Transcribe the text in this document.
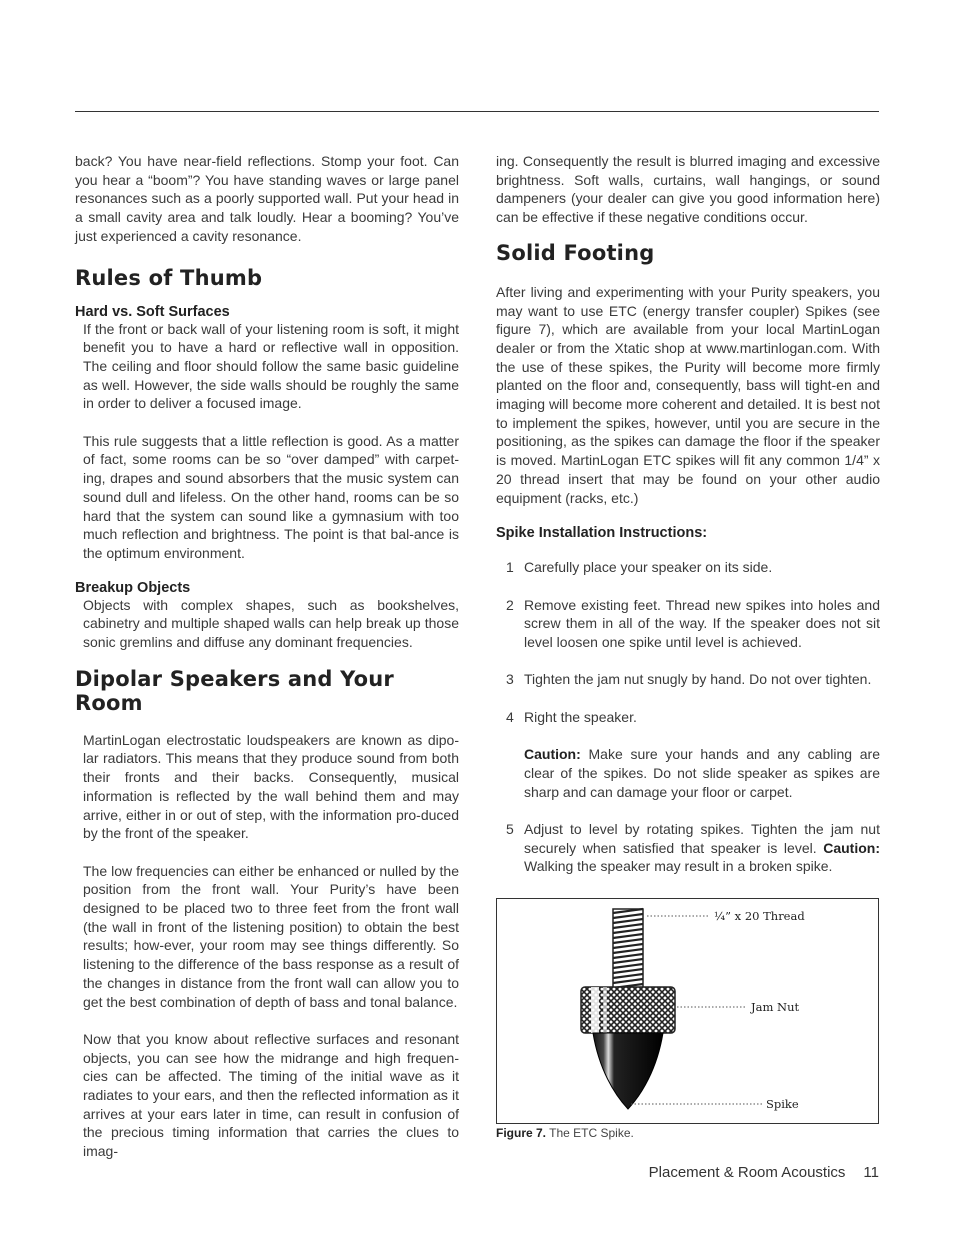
back? You have near-field reflections. Stomp your foot. Can you hear a “boom”? You have standing waves or large panel resonances such as a poorly supported wall. Put your head in a small cavity area and talk loudly. Hear a booming? You’ve just experienced a cavity resonance.

Rules of Thumb
Hard vs. Soft Surfaces

If the front or back wall of your listening room is soft, it might benefit you to have a hard or reflective wall in opposition. The ceiling and floor should follow the same basic guideline as well. However, the side walls should be roughly the same in order to deliver a focused image.

This rule suggests that a little reflection is good. As a matter of fact, some rooms can be so “over damped” with carpet-ing, drapes and sound absorbers that the music system can sound dull and lifeless. On the other hand, rooms can be so hard that the system can sound like a gymnasium with too much reflection and brightness. The point is that bal-ance is the optimum environment.

Breakup Objects

Objects with complex shapes, such as bookshelves, cabinetry and multiple shaped walls can help break up those sonic gremlins and diffuse any dominant frequencies.

Dipolar Speakers and Your Room

MartinLogan electrostatic loudspeakers are known as dipo-lar radiators. This means that they produce sound from both their fronts and their backs. Consequently, musical information is reflected by the wall behind them and may arrive, either in or out of step, with the information pro-duced by the front of the speaker.

The low frequencies can either be enhanced or nulled by the position from the front wall. Your Purity’s have been designed to be placed two to three feet from the front wall (the wall in front of the listening position) to obtain the best results; how-ever, your room may see things differently. So listening to the difference of the bass response as a result of the changes in distance from the front wall can allow you to get the best combination of depth of bass and tonal balance.

Now that you know about reflective surfaces and resonant objects, you can see how the midrange and high frequen-cies can be affected. The timing of the initial wave as it radiates to your ears, and then the reflected information as it arrives at your ears later in time, can result in confusion of the precious timing information that carries the clues to imag-

ing. Consequently the result is blurred imaging and excessive brightness. Soft walls, curtains, wall hangings, or sound dampeners (your dealer can give you good information here) can be effective if these negative conditions occur.

Solid Footing

After living and experimenting with your Purity speakers, you may want to use ETC (energy transfer coupler) Spikes (see figure 7), which are available from your local MartinLogan dealer or from the Xtatic shop at www.martinlogan.com. With the use of these spikes, the Purity will become more firmly planted on the floor and, consequently, bass will tight-en and imaging will become more coherent and detailed. It is best not to implement the spikes, however, until you are secure in the positioning, as the spikes can damage the floor if the speaker is moved. MartinLogan ETC spikes will fit any common 1/4” x 20 thread insert that may be found on your other audio equipment (racks, etc.)

Spike Installation Instructions:
1 Carefully place your speaker on its side.
2 Remove existing feet. Thread new spikes into holes and screw them in all of the way. If the speaker does not sit level loosen one spike until level is achieved.
3 Tighten the jam nut snugly by hand. Do not over tighten.
4 Right the speaker.
Caution: Make sure your hands and any cabling are clear of the spikes. Do not slide speaker as spikes are sharp and can damage your floor or carpet.
5 Adjust to level by rotating spikes. Tighten the jam nut securely when satisfied that speaker is level. Caution: Walking the speaker may result in a broken spike.
¼” x 20 Thread
Jam Nut
Spike
Figure 7. The ETC Spike.
Placement & Room Acoustics 11
